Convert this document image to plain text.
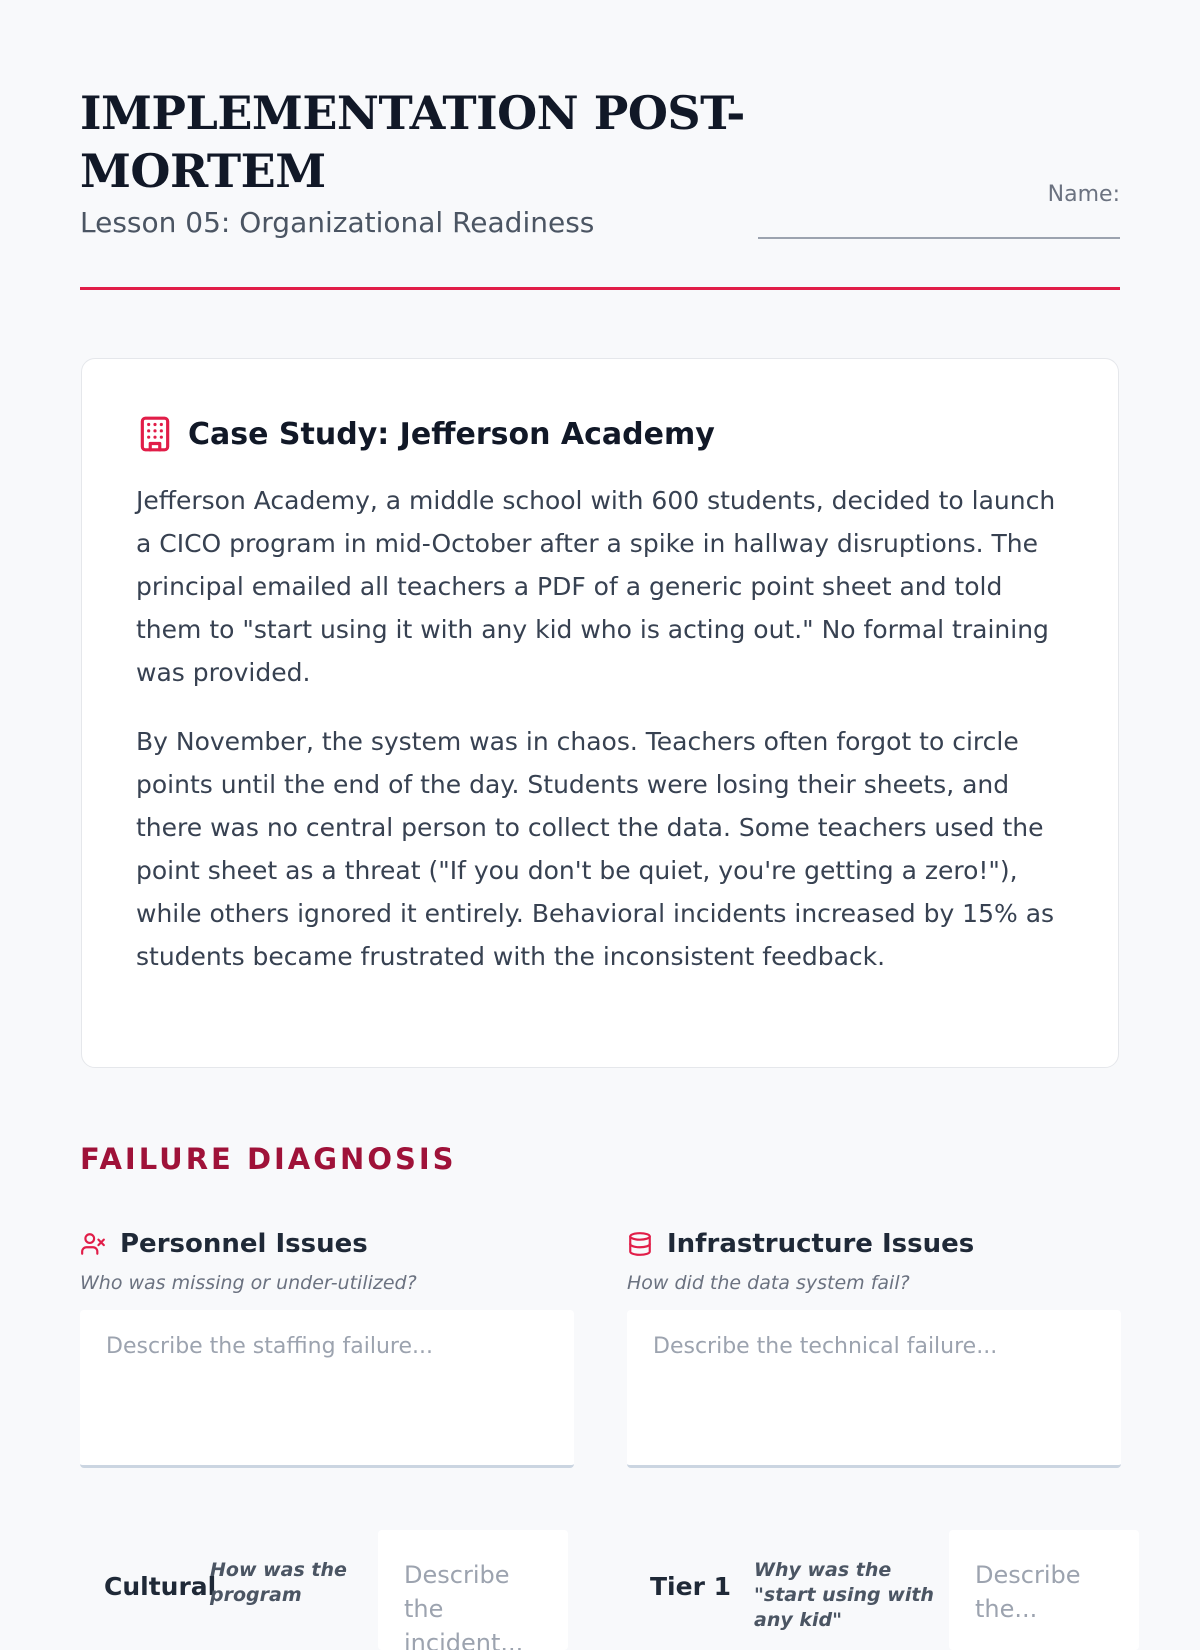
IMPLEMENTATION POST-MORTEM
Lesson 05: Organizational Readiness
Name:
Case Study: Jefferson Academy

Jefferson Academy, a middle school with 600 students, decided to launch a CICO program in mid-October after a spike in hallway disruptions. The principal emailed all teachers a PDF of a generic point sheet and told them to "start using it with any kid who is acting out." No formal training was provided.

By November, the system was in chaos. Teachers often forgot to circle points until the end of the day. Students were losing their sheets, and there was no central person to collect the data. Some teachers used the point sheet as a threat ("If you don't be quiet, you're getting a zero!"), while others ignored it entirely. Behavioral incidents increased by 15% as students became frustrated with the inconsistent feedback.

FAILURE DIAGNOSIS
Personnel Issues
Who was missing or under-utilized?
Describe the staffing failure...
Infrastructure Issues
How did the data system fail?
Describe the technical failure...
Cultural
How was the program
Describe the incident...	Tier 1
Why was the "start using with any kid"
Describe the...
